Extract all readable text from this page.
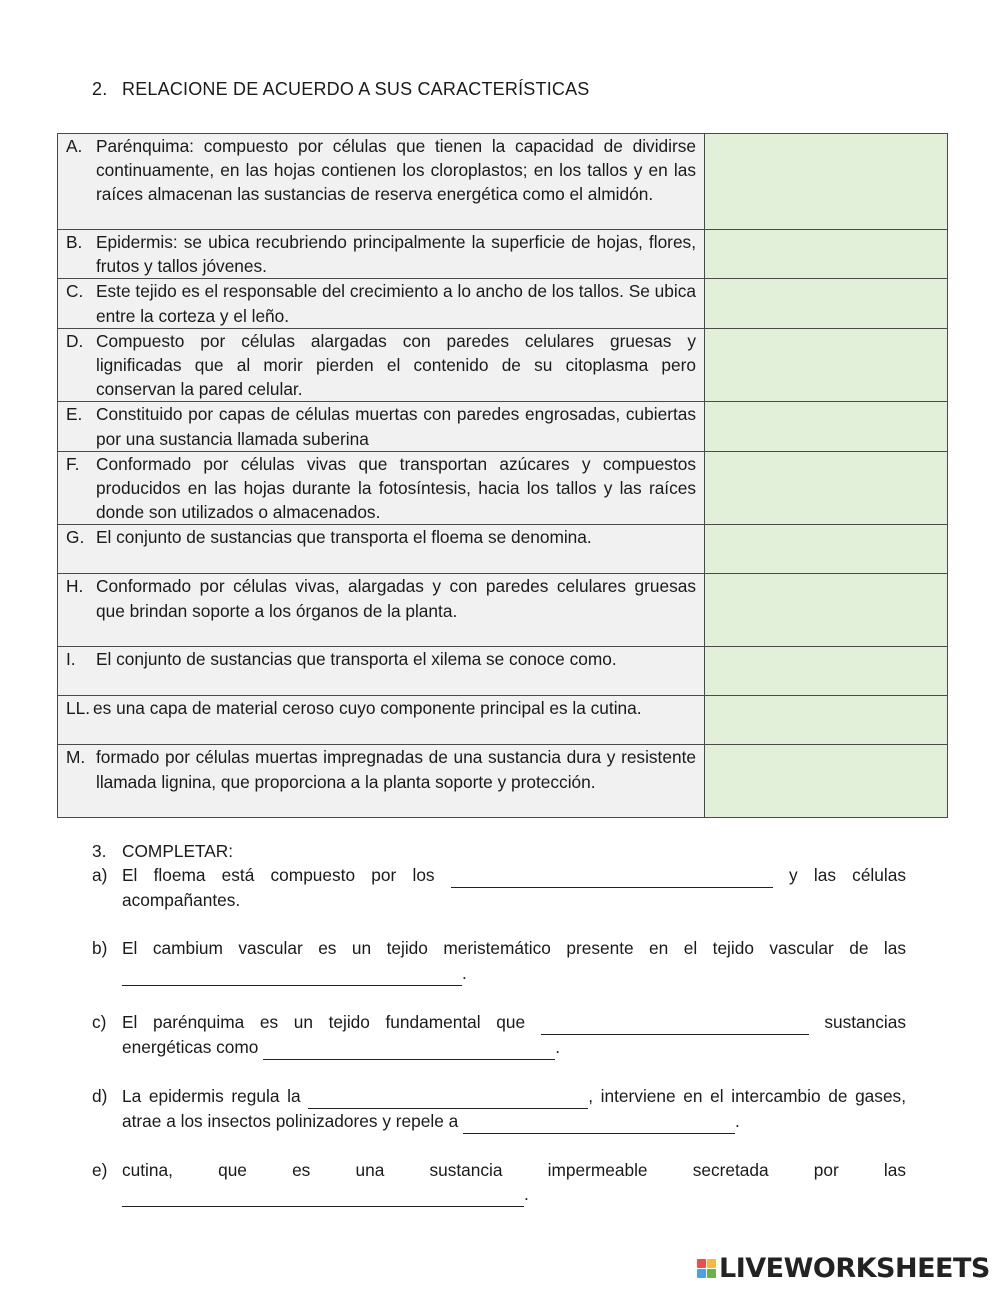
2. RELACIONE DE ACUERDO A SUS CARACTERÍSTICAS
A. Parénquima: compuesto por células que tienen la capacidad de dividirse continuamente, en las hojas contienen los cloroplastos; en los tallos y en las raíces almacenan las sustancias de reserva energética como el almidón.

B. Epidermis: se ubica recubriendo principalmente la superficie de hojas, flores, frutos y tallos jóvenes.

C. Este tejido es el responsable del crecimiento a lo ancho de los tallos. Se ubica entre la corteza y el leño.

D. Compuesto por células alargadas con paredes celulares gruesas y lignificadas que al morir pierden el contenido de su citoplasma pero conservan la pared celular.

E. Constituido por capas de células muertas con paredes engrosadas, cubiertas por una sustancia llamada suberina

F. Conformado por células vivas que transportan azúcares y compuestos producidos en las hojas durante la fotosíntesis, hacia los tallos y las raíces donde son utilizados o almacenados.

G. El conjunto de sustancias que transporta el floema se denomina.

H. Conformado por células vivas, alargadas y con paredes celulares gruesas que brindan soporte a los órganos de la planta.

I. El conjunto de sustancias que transporta el xilema se conoce como.

LL. es una capa de material ceroso cuyo componente principal es la cutina.

M. formado por células muertas impregnadas de una sustancia dura y resistente llamada lignina, que proporciona a la planta soporte y protección.

3. COMPLETAR:
a) El floema está compuesto por los	y las células acompañantes.
b) El cambium vascular es un tejido meristemático presente en el tejido vascular de las .
c) El parénquima es un tejido fundamental que	sustancias energéticas como	.
d) La epidermis regula la	, interviene en el intercambio de gases, atrae a los insectos polinizadores y repele a	.
e) cutina, que es una sustancia impermeable secretada por las .
LIVEWORKSHEETS
